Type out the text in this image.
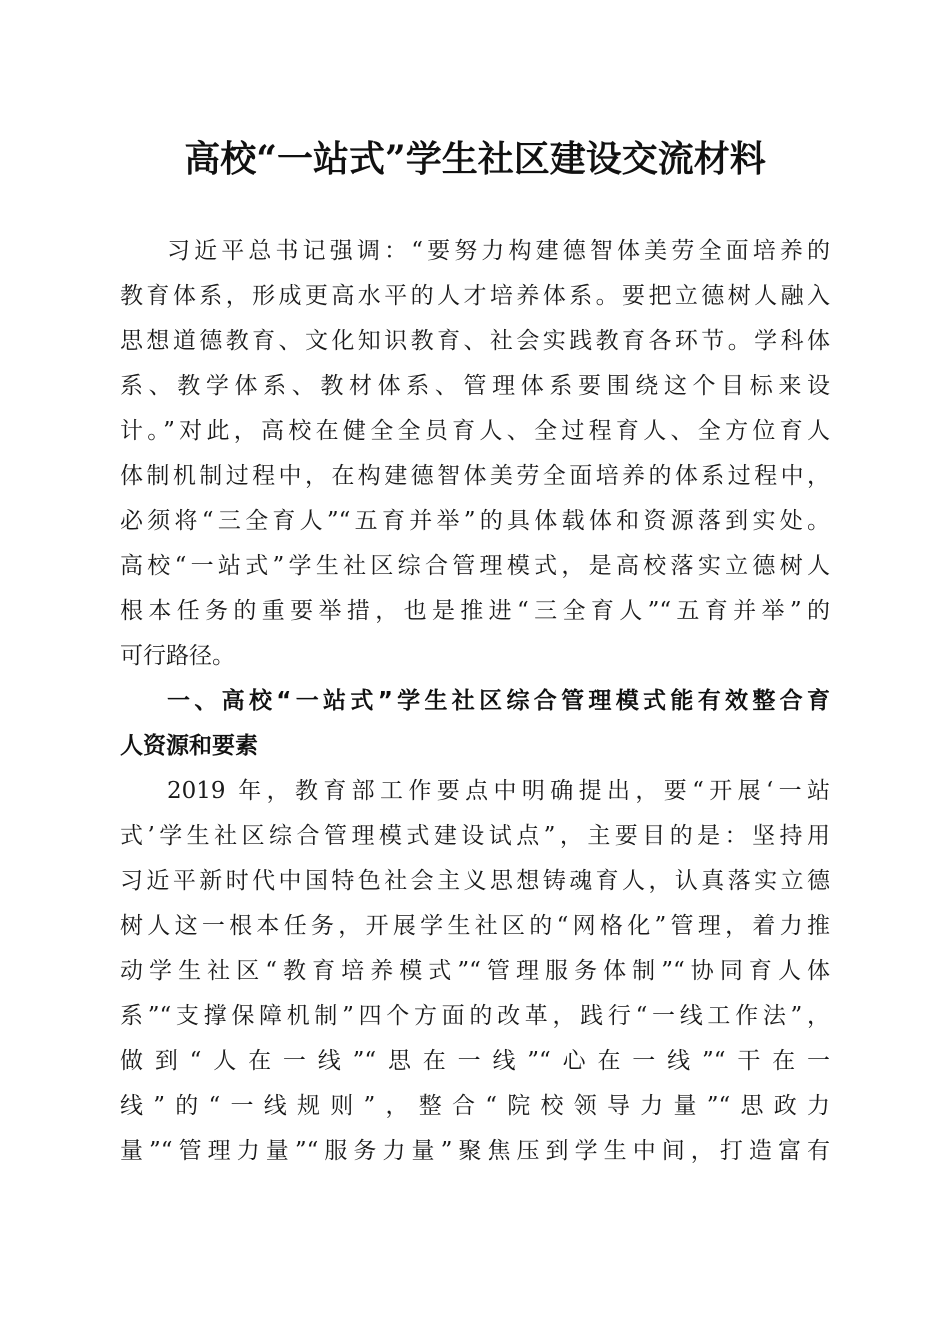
高校“一站式”学生社区建设交流材料
习近平总书记强调：“要努力构建德智体美劳全面培养的
教育体系，形成更高水平的人才培养体系。要把立德树人融入
思想道德教育、文化知识教育、社会实践教育各环节。学科体
系、教学体系、教材体系、管理体系要围绕这个目标来设
计。”对此，高校在健全全员育人、全过程育人、全方位育人
体制机制过程中，在构建德智体美劳全面培养的体系过程中，
必须将“三全育人”“五育并举”的具体载体和资源落到实处。
高校“一站式”学生社区综合管理模式，是高校落实立德树人
根本任务的重要举措，也是推进“三全育人”“五育并举”的
可行路径。
一、高校“一站式”学生社区综合管理模式能有效整合育
人资源和要素
2019 年，教育部工作要点中明确提出，要“开展‘一站
式’学生社区综合管理模式建设试点”，主要目的是：坚持用
习近平新时代中国特色社会主义思想铸魂育人，认真落实立德
树人这一根本任务，开展学生社区的“网格化”管理，着力推
动学生社区“教育培养模式”“管理服务体制”“协同育人体
系”“支撑保障机制”四个方面的改革，践行“一线工作法”，
做到“人在一线”“思在一线”“心在一线”“干在一
线”的“一线规则”，整合“院校领导力量”“思政力
量”“管理力量”“服务力量”聚焦压到学生中间，打造富有
